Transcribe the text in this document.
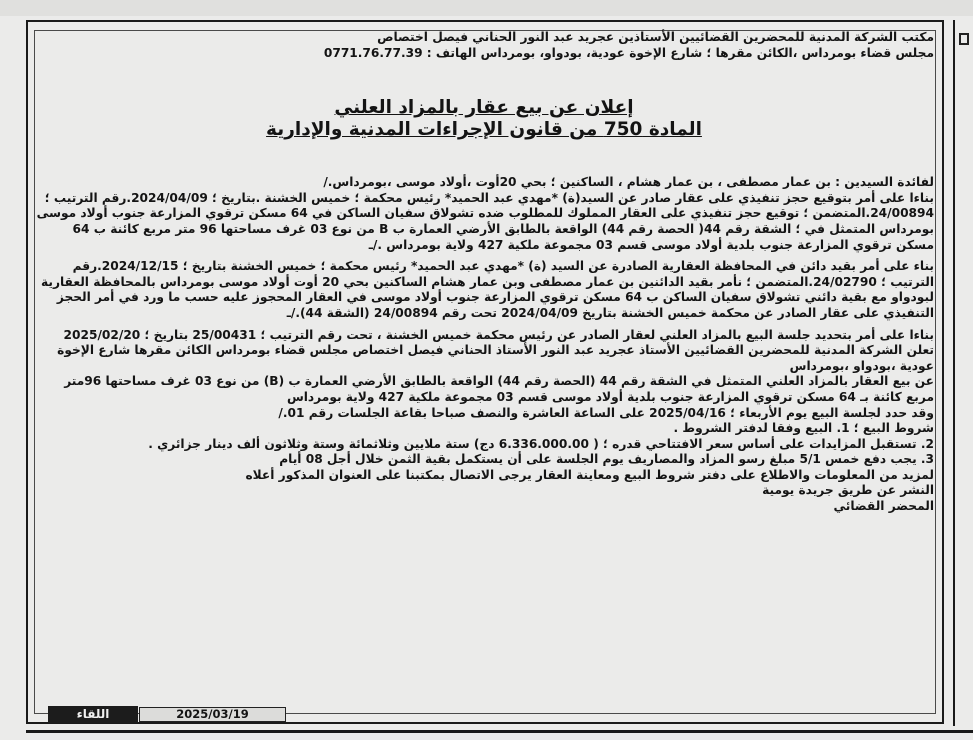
مكتب الشركة المدنية للمحضرين القضائيين الأستاذين عجريد عبد النور الحناني فيصل اختصاص

مجلس قضاء بومرداس ،الكائن مقرها ؛ شارع الإخوة عودية، بودواو، بومرداس الهاتف : 0771.76.77.39

إعلان عن بيع عقار بالمزاد العلني

المادة 750 من قانون الإجراءات المدنية والإدارية

لفائدة السيدين : بن عمار مصطفى ، بن عمار هشام ، الساكنين ؛ بحي 20أوت ،أولاد موسى ،بومرداس./

بناءا على أمر بتوقيع حجز تنفيذي على عقار صادر عن السيد(ة) *مهدي عبد الحميد* رئيس محكمة ؛ خميس الخشنة .بتاريخ ؛ 2024/04/09.رقم الترتيب ؛ 24/00894.المتضمن ؛ توقيع حجز تنفيذي على العقار المملوك للمطلوب ضده تشولاق سفيان الساكن في 64 مسكن ترقوي المزارعة جنوب أولاد موسى بومرداس المتمثل في ؛ الشقة رقم 44( الحصة رقم 44) الواقعة بالطابق الأرضي العمارة ب B من نوع 03 غرف مساحتها 96 متر مربع كائنة ب 64 مسكن ترقوي المزارعة جنوب بلدية أولاد موسى قسم 03 مجموعة ملكية 427 ولاية بومرداس ./ـ

بناء على أمر بقيد دائن في المحافظة العقارية الصادرة عن السيد (ة) *مهدي عبد الحميد* رئيس محكمة ؛ خميس الخشنة بتاريخ ؛ 2024/12/15.رقم الترتيب ؛ 24/02790.المتضمن ؛ نأمر بقيد الدائنين بن عمار مصطفى وبن عمار هشام الساكنين بحي 20 أوت أولاد موسى بومرداس بالمحافظة العقارية لبودواو مع بقية دائني تشولاق سفيان الساكن ب 64 مسكن ترقوي المزارعة جنوب أولاد موسى في العقار المحجوز عليه حسب ما ورد في أمر الحجز التنفيذي على عقار الصادر عن محكمة خميس الخشنة بتاريخ 2024/04/09 تحت رقم 24/00894 (الشقة 44)./ـ

بناءا على أمر بتحديد جلسة البيع بالمزاد العلني لعقار الصادر عن رئيس محكمة خميس الخشنة ، تحت رقم الترتيب ؛ 25/00431 بتاريخ ؛ 2025/02/20

تعلن الشركة المدنية للمحضرين القضائيين الأستاذ عجريد عبد النور الأستاذ الحناني فيصل اختصاص مجلس قضاء بومرداس الكائن مقرها شارع الإخوة عودية ،بودواو ،بومرداس

عن بيع العقار بالمزاد العلني المتمثل في الشقة رقم 44 (الحصة رقم 44) الواقعة بالطابق الأرضي العمارة ب (B) من نوع 03 غرف مساحتها 96متر مربع كائنة بـ 64 مسكن ترقوي المزارعة جنوب بلدية أولاد موسى قسم 03 مجموعة ملكية 427 ولاية بومرداس

وقد حدد لجلسة البيع يوم الأربعاء ؛ 2025/04/16 على الساعة العاشرة والنصف صباحا بقاعة الجلسات رقم 01./

شروط البيع ؛ 1. البيع وفقا لدفتر الشروط .

2. تستقبل المزايدات على أساس سعر الافتتاحي قدره ؛ ( 6.336.000.00 دج) ستة ملايين وثلاثمائة وستة وثلاثون ألف دينار جزائري .

3. يجب دفع خمس 5/1 مبلغ رسو المزاد والمصاريف يوم الجلسة على أن يستكمل بقية الثمن خلال أجل 08 أيام

لمزيد من المعلومات والاطلاع على دفتر شروط البيع ومعاينة العقار يرجى الاتصال بمكتبنا على العنوان المذكور أعلاه

النشر عن طريق جريدة يومية

المحضر القضائي

اللقاء	2025/03/19
